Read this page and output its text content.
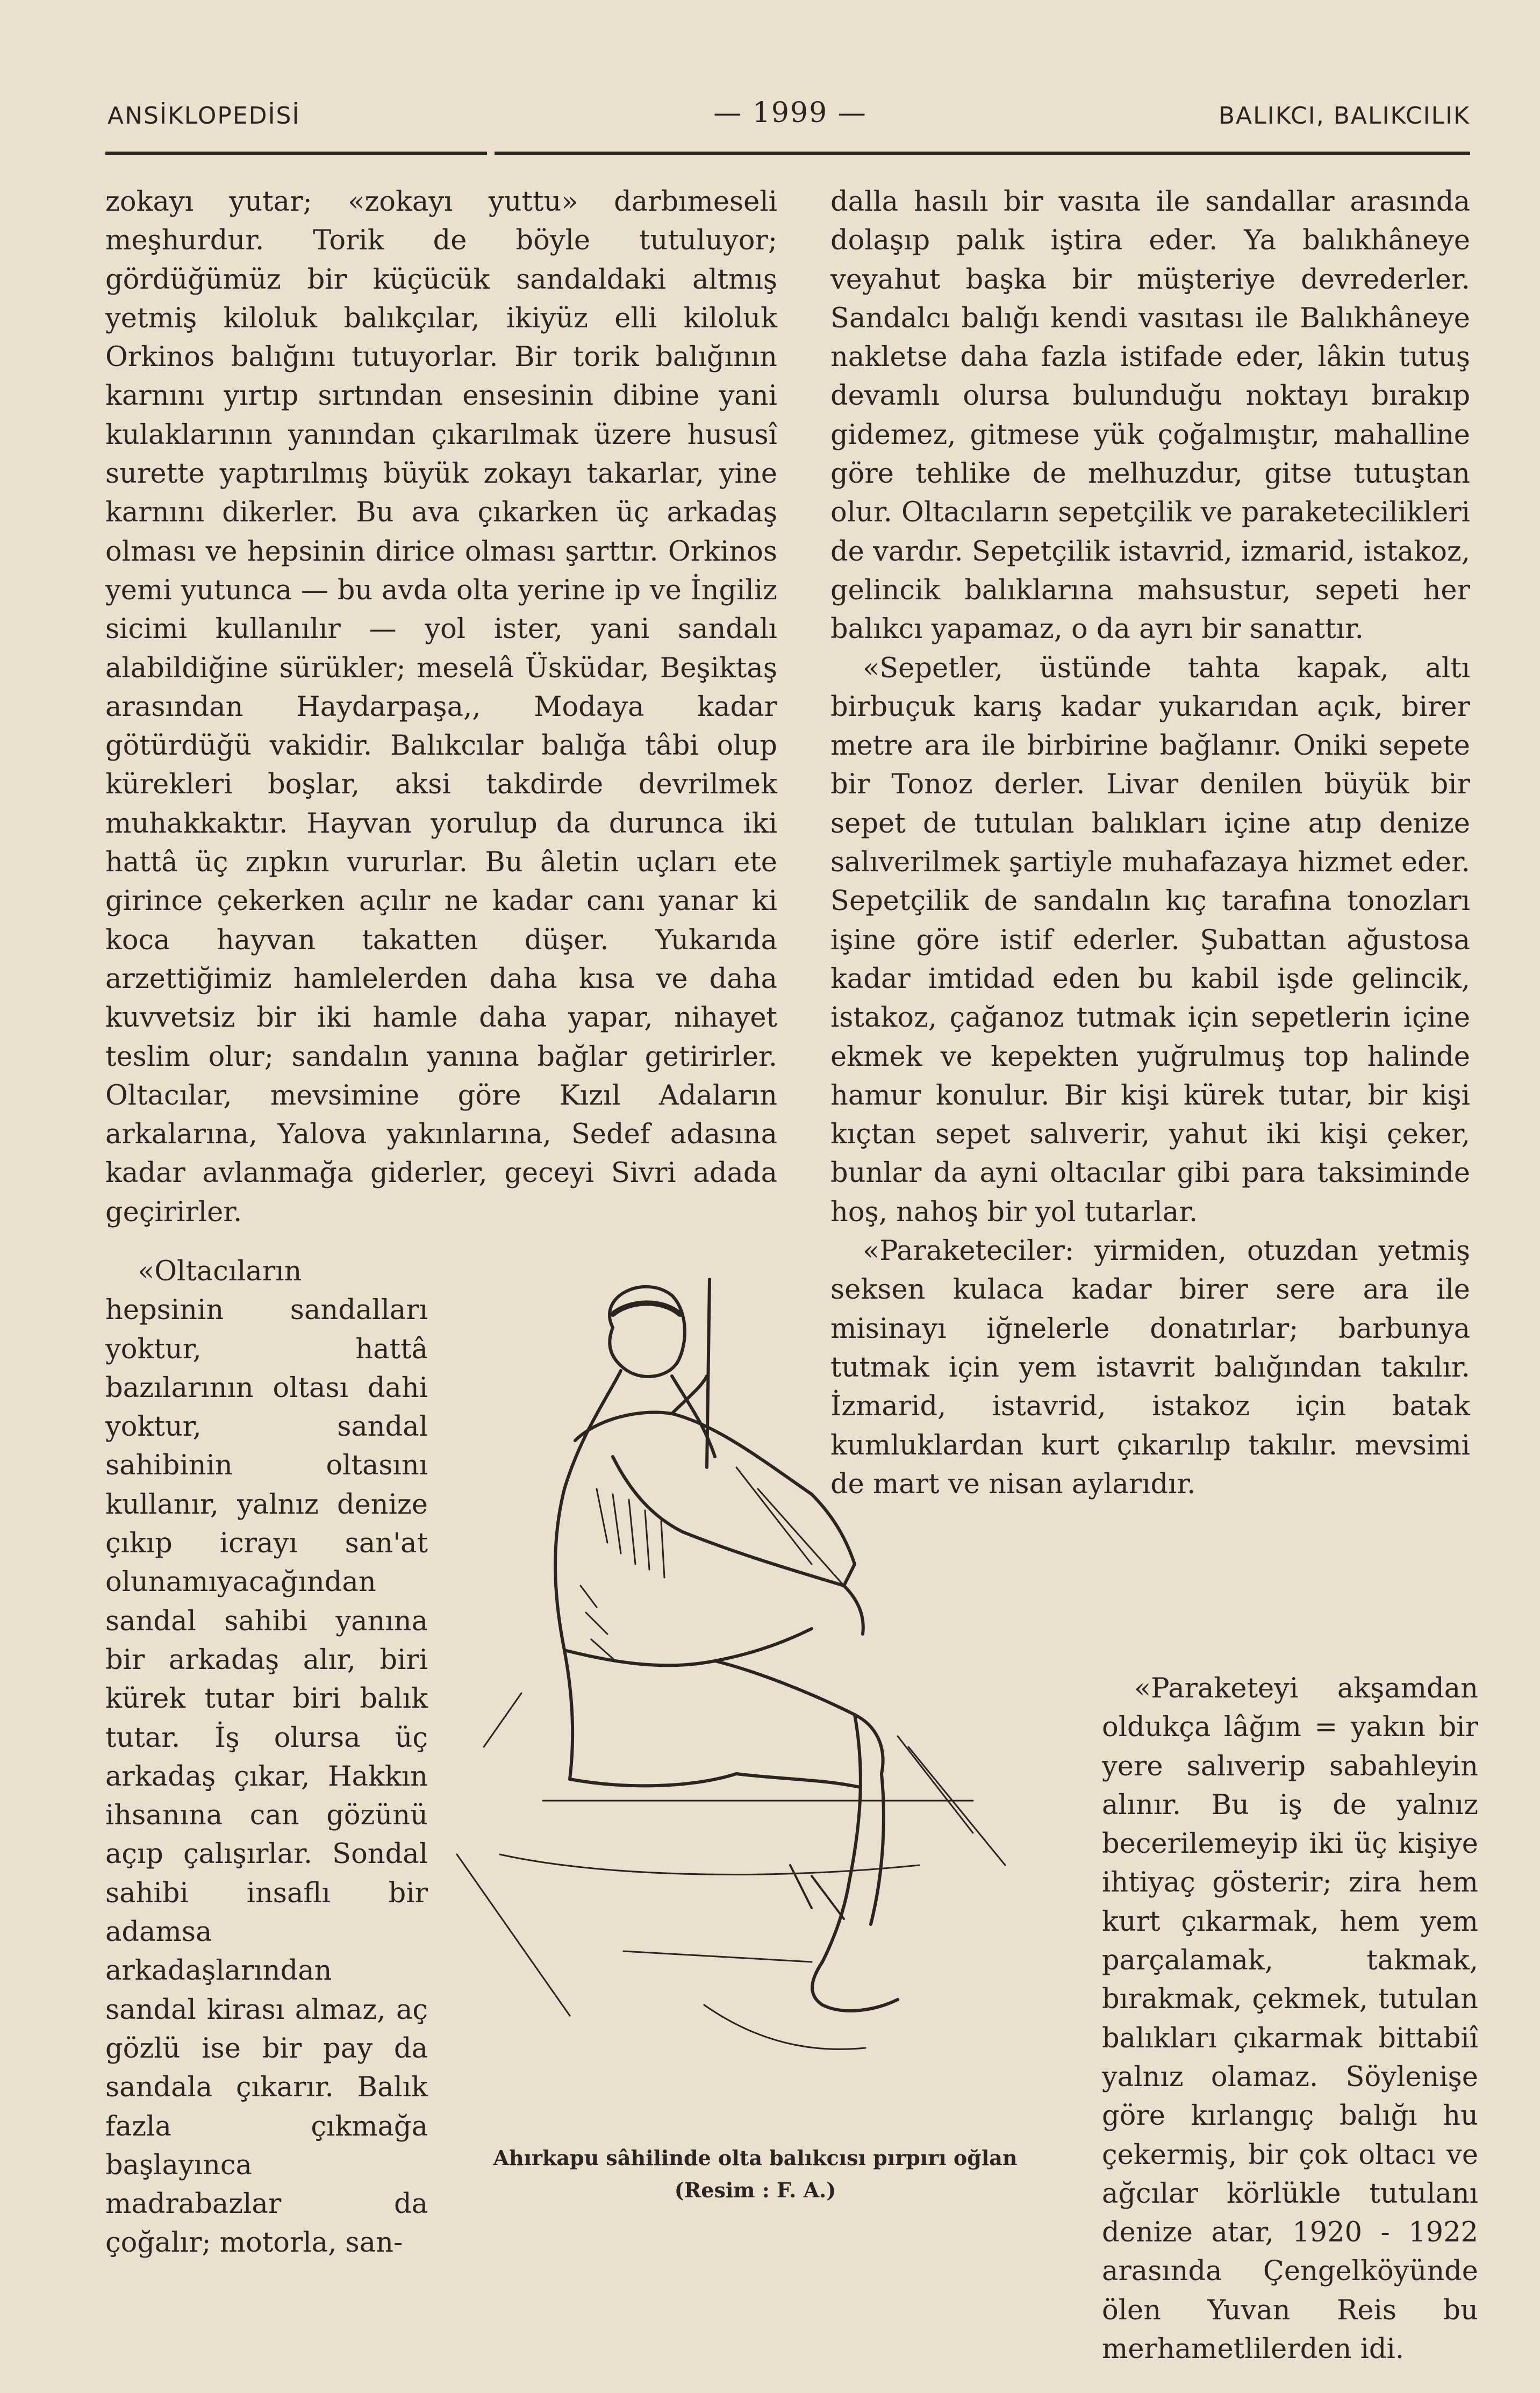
ANSİKLOPEDİSİ	— 1999 —	BALIKCI, BALIKCILIK

zokayı yutar; «zokayı yuttu» darbımeseli meşhurdur. Torik de böyle tutuluyor; gördüğümüz bir küçücük sandaldaki altmış yetmiş kiloluk balıkçılar, ikiyüz elli kiloluk Orkinos balığını tutuyorlar. Bir torik balığının karnını yırtıp sırtından ensesinin dibine yani kulaklarının yanından çıkarılmak üzere hususî surette yaptırılmış büyük zokayı takarlar, yine karnını dikerler. Bu ava çıkarken üç arkadaş olması ve hepsinin dirice olması şarttır. Orkinos yemi yutunca — bu avda olta yerine ip ve İngiliz sicimi kullanılır — yol ister, yani sandalı alabildiğine sürükler; meselâ Üsküdar, Beşiktaş arasından Haydarpaşa,, Modaya kadar götürdüğü vakidir. Balıkcılar balığa tâbi olup kürekleri boşlar, aksi takdirde devrilmek muhakkaktır. Hayvan yorulup da durunca iki hattâ üç zıpkın vururlar. Bu âletin uçları ete girince çekerken açılır ne kadar canı yanar ki koca hayvan takatten düşer. Yukarıda arzettiğimiz hamlelerden daha kısa ve daha kuvvetsiz bir iki hamle daha yapar, nihayet teslim olur; sandalın yanına bağlar getirirler. Oltacılar, mevsimine göre Kızıl Adaların arkalarına, Yalova yakınlarına, Sedef adasına kadar avlanmağa giderler, geceyi Sivri adada geçirirler.

«Oltacıların hepsinin sandalları yoktur, hattâ bazılarının oltası dahi yoktur, sandal sahibinin oltasını kullanır, yalnız denize çıkıp icrayı san'at olunamıyacağından sandal sahibi yanına bir arkadaş alır, biri kürek tutar biri balık tutar. İş olursa üç arkadaş çıkar, Hakkın ihsanına can gözünü açıp çalışırlar. Sondal sahibi insaflı bir adamsa arkadaşlarından sandal kirası almaz, aç gözlü ise bir pay da sandala çıkarır. Balık fazla çıkmağa başlayınca madrabazlar da çoğalır; motorla, san-

dalla hasılı bir vasıta ile sandallar arasında dolaşıp palık iştira eder. Ya balıkhâneye veyahut başka bir müşteriye devrederler. Sandalcı balığı kendi vasıtası ile Balıkhâneye nakletse daha fazla istifade eder, lâkin tutuş devamlı olursa bulunduğu noktayı bırakıp gidemez, gitmese yük çoğalmıştır, mahalline göre tehlike de melhuzdur, gitse tutuştan olur. Oltacıların sepetçilik ve paraketecilikleri de vardır. Sepetçilik istavrid, izmarid, istakoz, gelincik balıklarına mahsustur, sepeti her balıkcı yapamaz, o da ayrı bir sanattır.

«Sepetler, üstünde tahta kapak, altı birbuçuk karış kadar yukarıdan açık, birer metre ara ile birbirine bağlanır. Oniki sepete bir Tonoz derler. Livar denilen büyük bir sepet de tutulan balıkları içine atıp denize salıverilmek şartiyle muhafazaya hizmet eder. Sepetçilik de sandalın kıç tarafına tonozları işine göre istif ederler. Şubattan ağustosa kadar imtidad eden bu kabil işde gelincik, istakoz, çağanoz tutmak için sepetlerin içine ekmek ve kepekten yuğrulmuş top halinde hamur konulur. Bir kişi kürek tutar, bir kişi kıçtan sepet salıverir, yahut iki kişi çeker, bunlar da ayni oltacılar gibi para taksiminde hoş, nahoş bir yol tutarlar.

«Paraketeciler: yirmiden, otuzdan yetmiş seksen kulaca kadar birer sere ara ile misinayı iğnelerle donatırlar; barbunya tutmak için yem istavrit balığından takılır. İzmarid, istavrid, istakoz için batak kumluklardan kurt çıkarılıp takılır. mevsimi de mart ve nisan aylarıdır.

«Paraketeyi akşamdan oldukça lâğım = yakın bir yere salıverip sabahleyin alınır. Bu iş de yalnız becerilemeyip iki üç kişiye ihtiyaç gösterir; zira hem kurt çıkarmak, hem yem parçalamak, takmak, bırakmak, çekmek, tutulan balıkları çıkarmak bittabiî yalnız olamaz. Söylenişe göre kırlangıç balığı hu çekermiş, bir çok oltacı ve ağcılar körlükle tutulanı denize atar, 1920 - 1922 arasında Çengelköyünde ölen Yuvan Reis bu merhametlilerden idi.

Ahırkapu sâhilinde olta balıkcısı pırpırı oğlan
(Resim : F. A.)
